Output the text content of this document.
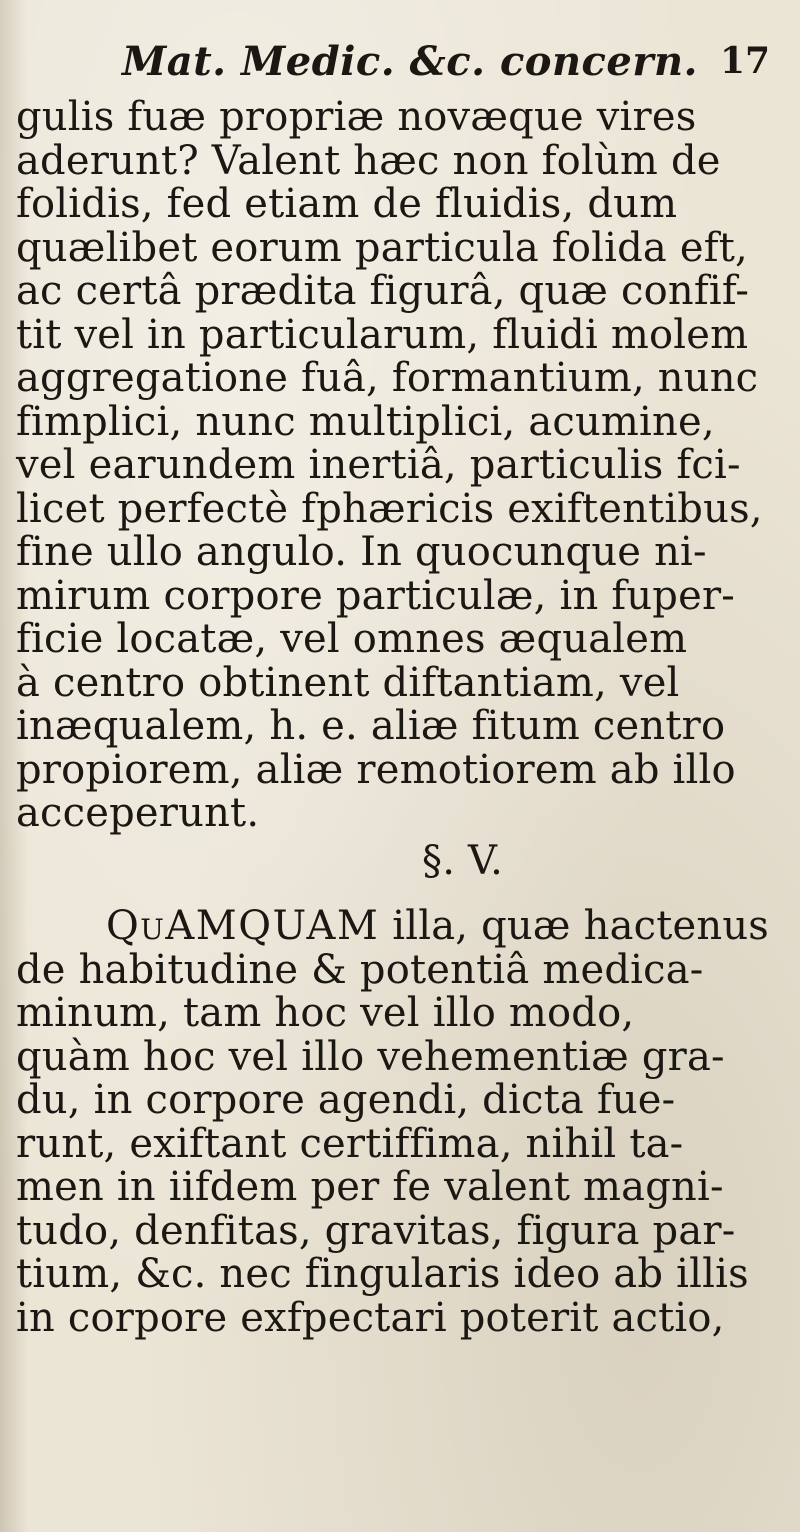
Mat. Medic. &c. concern. 17
gulis fuæ propriæ novæque vires
aderunt? Valent hæc non folùm de
folidis, fed etiam de fluidis, dum
quælibet eorum particula folida eft,
ac certâ prædita figurâ, quæ confif-
tit vel in particularum, fluidi molem
aggregatione fuâ, formantium, nunc
fimplici, nunc multiplici, acumine,
vel earundem inertiâ, particulis fci-
licet perfectè fphæricis exiftentibus,
fine ullo angulo. In quocunque ni-
mirum corpore particulæ, in fuper-
ficie locatæ, vel omnes æqualem
à centro obtinent diftantiam, vel
inæqualem, h. e. aliæ fitum centro
propiorem, aliæ remotiorem ab illo
acceperunt.
§. V.
QuAMQUAM illa, quæ hactenus
de habitudine & potentiâ medica-
minum, tam hoc vel illo modo,
quàm hoc vel illo vehementiæ gra-
du, in corpore agendi, dicta fue-
runt, exiftant certiffima, nihil ta-
men in iifdem per fe valent magni-
tudo, denfitas, gravitas, figura par-
tium, &c. nec fingularis ideo ab illis
in corpore exfpectari poterit actio,
